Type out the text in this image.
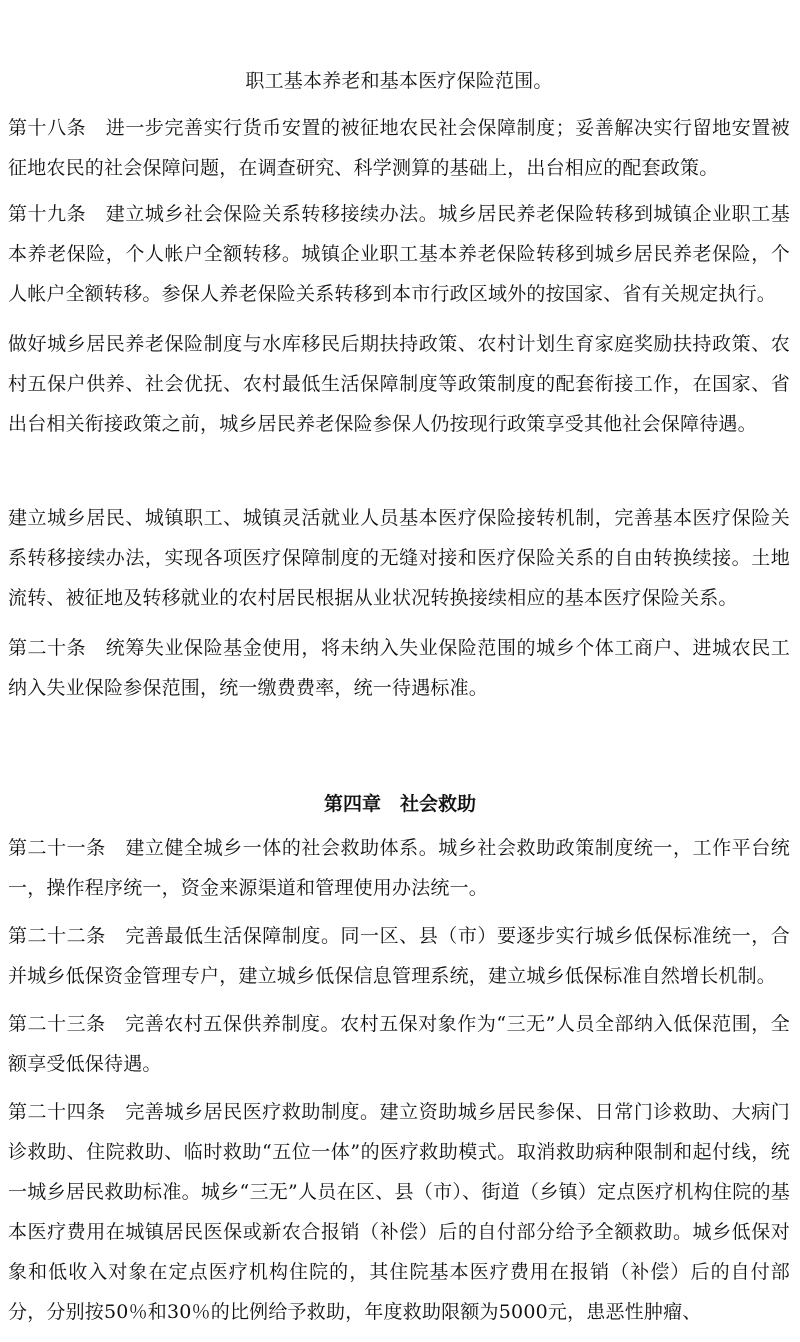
职工基本养老和基本医疗保险范围。

第十八条　进一步完善实行货币安置的被征地农民社会保障制度；妥善解决实行留地安置被征地农民的社会保障问题，在调查研究、科学测算的基础上，出台相应的配套政策。

第十九条　建立城乡社会保险关系转移接续办法。城乡居民养老保险转移到城镇企业职工基本养老保险，个人帐户全额转移。城镇企业职工基本养老保险转移到城乡居民养老保险，个人帐户全额转移。参保人养老保险关系转移到本市行政区域外的按国家、省有关规定执行。

做好城乡居民养老保险制度与水库移民后期扶持政策、农村计划生育家庭奖励扶持政策、农村五保户供养、社会优抚、农村最低生活保障制度等政策制度的配套衔接工作，在国家、省出台相关衔接政策之前，城乡居民养老保险参保人仍按现行政策享受其他社会保障待遇。

建立城乡居民、城镇职工、城镇灵活就业人员基本医疗保险接转机制，完善基本医疗保险关系转移接续办法，实现各项医疗保障制度的无缝对接和医疗保险关系的自由转换续接。土地流转、被征地及转移就业的农村居民根据从业状况转换接续相应的基本医疗保险关系。

第二十条　统筹失业保险基金使用，将未纳入失业保险范围的城乡个体工商户、进城农民工纳入失业保险参保范围，统一缴费费率，统一待遇标准。

第四章　社会救助

第二十一条　建立健全城乡一体的社会救助体系。城乡社会救助政策制度统一，工作平台统一，操作程序统一，资金来源渠道和管理使用办法统一。

第二十二条　完善最低生活保障制度。同一区、县（市）要逐步实行城乡低保标准统一，合并城乡低保资金管理专户，建立城乡低保信息管理系统，建立城乡低保标准自然增长机制。

第二十三条　完善农村五保供养制度。农村五保对象作为“三无”人员全部纳入低保范围，全额享受低保待遇。

第二十四条　完善城乡居民医疗救助制度。建立资助城乡居民参保、日常门诊救助、大病门诊救助、住院救助、临时救助“五位一体”的医疗救助模式。取消救助病种限制和起付线，统一城乡居民救助标准。城乡“三无”人员在区、县（市）、街道（乡镇）定点医疗机构住院的基本医疗费用在城镇居民医保或新农合报销（补偿）后的自付部分给予全额救助。城乡低保对象和低收入对象在定点医疗机构住院的，其住院基本医疗费用在报销（补偿）后的自付部分，分别按50％和30％的比例给予救助，年度救助限额为5000元，患恶性肿瘤、
